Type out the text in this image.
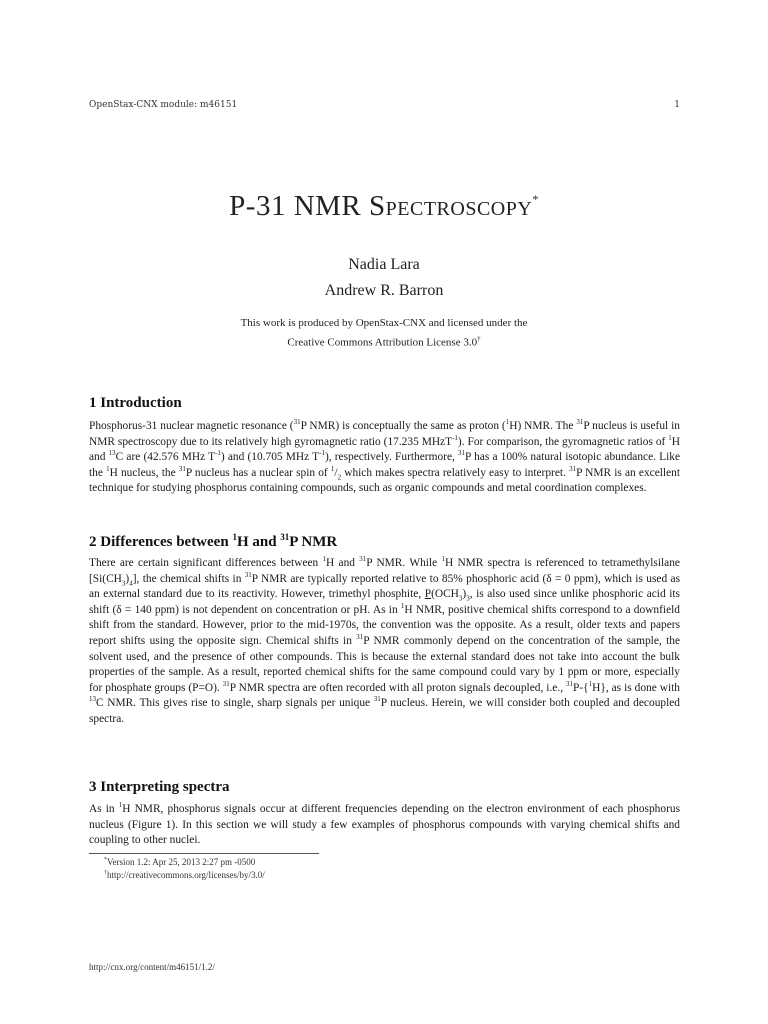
OpenStax-CNX module: m46151	1
P-31 NMR Spectroscopy*
Nadia Lara
Andrew R. Barron
This work is produced by OpenStax-CNX and licensed under the
Creative Commons Attribution License 3.0†
1 Introduction

Phosphorus-31 nuclear magnetic resonance ($^{31}$P NMR) is conceptually the same as proton ($^1$H) NMR. The $^{31}$P nucleus is useful in NMR spectroscopy due to its relatively high gyromagnetic ratio (17.235 MHzT$^{-1}$). For comparison, the gyromagnetic ratios of $^1$H and $^{13}$C are (42.576 MHz $T^{-1}$) and (10.705 MHz $T^{-1}$), respectively. Furthermore, $^{31}$P has a 100% natural isotopic abundance. Like the $^1$H nucleus, the $^{31}$P nucleus has a nuclear spin of $^1/_2$ which makes spectra relatively easy to interpret. $^{31}$P NMR is an excellent technique for studying phosphorus containing compounds, such as organic compounds and metal coordination complexes.

2 Differences between $^1$H and $^{31}$P NMR

There are certain significant differences between $^1$H and $^{31}$P NMR. While $^1$H NMR spectra is referenced to tetramethylsilane $[Si(CH_3)_4]$, the chemical shifts in $^{31}$P NMR are typically reported relative to 85% phosphoric acid (δ = 0 ppm), which is used as an external standard due to its reactivity. However, trimethyl phosphite, $P(OCH_3)_3$, is also used since unlike phosphoric acid its shift (δ = 140 ppm) is not dependent on concentration or pH. As in $^1$H NMR, positive chemical shifts correspond to a downfield shift from the standard. However, prior to the mid-1970s, the convention was the opposite. As a result, older texts and papers report shifts using the opposite sign. Chemical shifts in $^{31}$P NMR commonly depend on the concentration of the sample, the solvent used, and the presence of other compounds. This is because the external standard does not take into account the bulk properties of the sample. As a result, reported chemical shifts for the same compound could vary by 1 ppm or more, especially for phosphate groups (P=O). $^{31}$P NMR spectra are often recorded with all proton signals decoupled, i.e., $^{31}$P-{$^1$H}, as is done with $^{13}$C NMR. This gives rise to single, sharp signals per unique $^{31}$P nucleus. Herein, we will consider both coupled and decoupled spectra.

3 Interpreting spectra

As in $^1$H NMR, phosphorus signals occur at different frequencies depending on the electron environment of each phosphorus nucleus (Figure 1). In this section we will study a few examples of phosphorus compounds with varying chemical shifts and coupling to other nuclei.

*Version 1.2: Apr 25, 2013 2:27 pm -0500
†http://creativecommons.org/licenses/by/3.0/
http://cnx.org/content/m46151/1.2/
